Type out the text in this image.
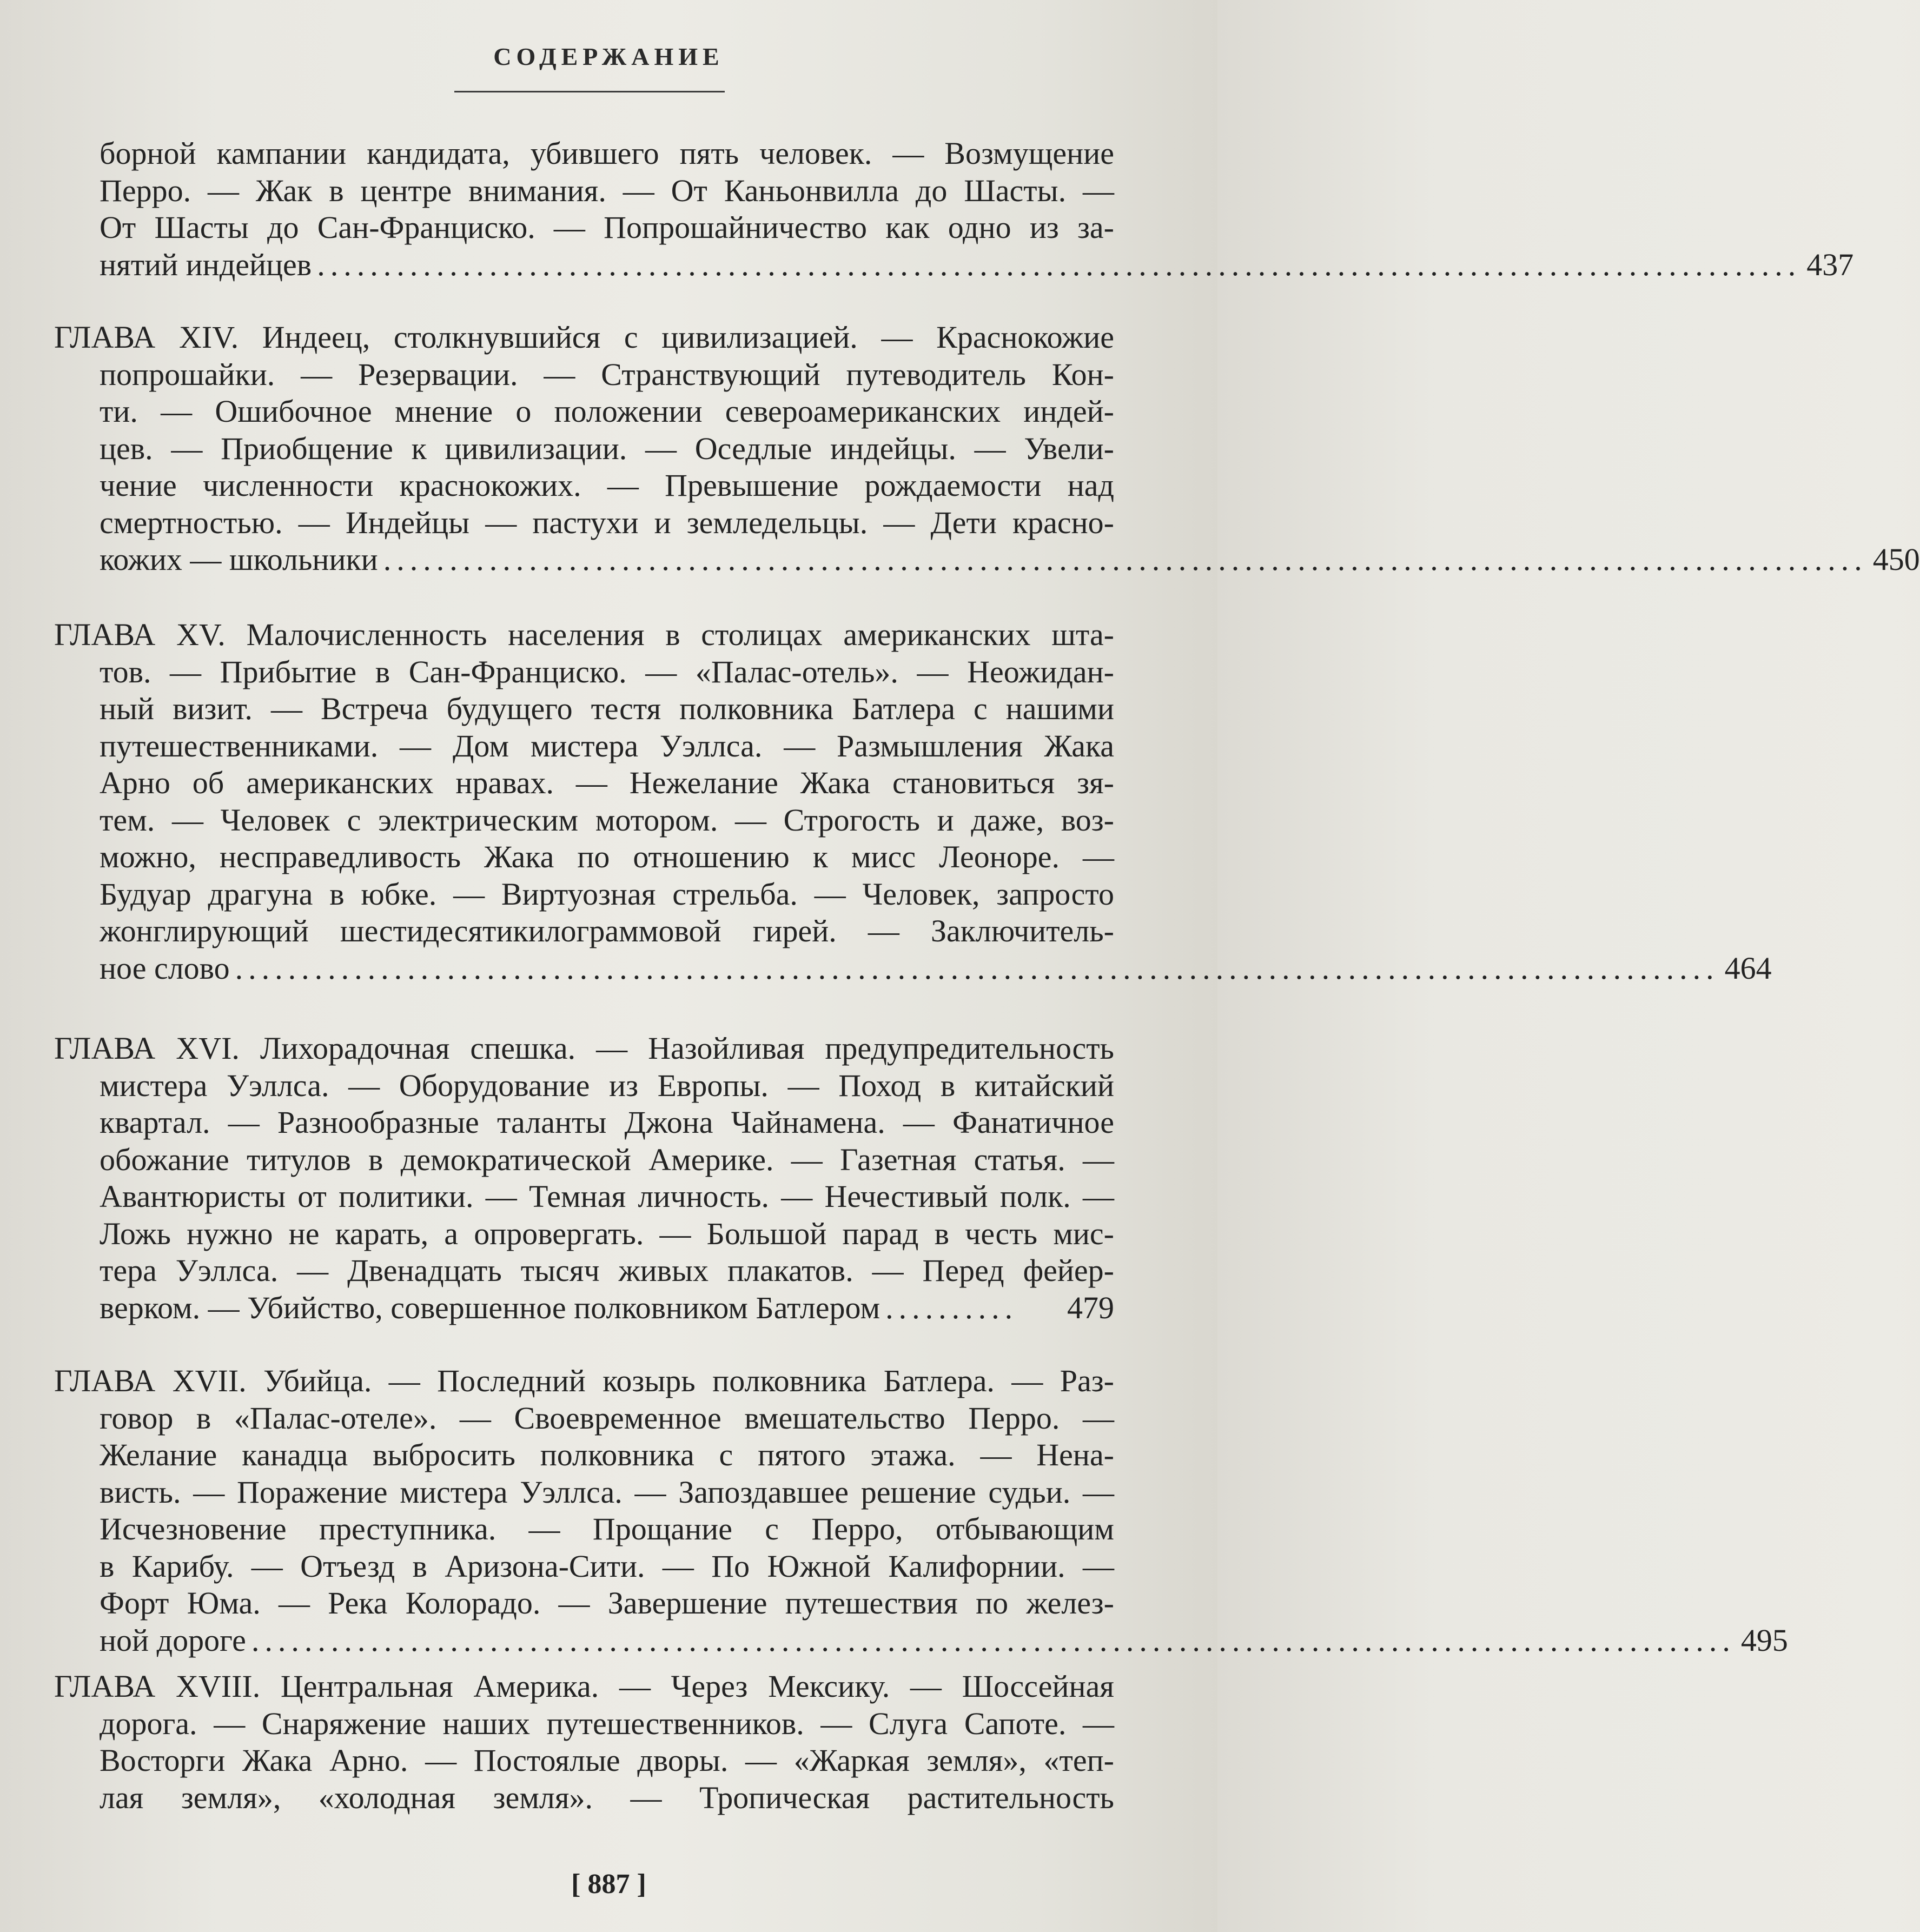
СОДЕРЖАНИЕ
борной кампании кандидата, убившего пять человек. — Возмущение
Перро. — Жак в центре внимания. — От Каньонвилла до Шасты. —
От Шасты до Сан-Франциско. — Попрошайничество как одно из за-
нятий индейцев ................................................................................................................ 437
ГЛАВА XIV. Индеец, столкнувшийся с цивилизацией. — Краснокожие
попрошайки. — Резервации. — Странствующий путеводитель Кон-
ти. — Ошибочное мнение о положении североамериканских индей-
цев. — Приобщение к цивилизации. — Оседлые индейцы. — Увели-
чение численности краснокожих. — Превышение рождаемости над
смертностью. — Индейцы — пастухи и земледельцы. — Дети красно-
кожих — школьники ................................................................................................................ 450
ГЛАВА XV. Малочисленность населения в столицах американских шта-
тов. — Прибытие в Сан-Франциско. — «Палас-отель». — Неожидан-
ный визит. — Встреча будущего тестя полковника Батлера с нашими
путешественниками. — Дом мистера Уэллса. — Размышления Жака
Арно об американских нравах. — Нежелание Жака становиться зя-
тем. — Человек с электрическим мотором. — Строгость и даже, воз-
можно, несправедливость Жака по отношению к мисс Леоноре. —
Будуар драгуна в юбке. — Виртуозная стрельба. — Человек, запросто
жонглирующий шестидесятикилограммовой гирей. — Заключитель-
ное слово ................................................................................................................ 464
ГЛАВА XVI. Лихорадочная спешка. — Назойливая предупредительность
мистера Уэллса. — Оборудование из Европы. — Поход в китайский
квартал. — Разнообразные таланты Джона Чайнамена. — Фанатичное
обожание титулов в демократической Америке. — Газетная статья. —
Авантюристы от политики. — Темная личность. — Нечестивый полк. —
Ложь нужно не карать, а опровергать. — Большой парад в честь мис-
тера Уэллса. — Двенадцать тысяч живых плакатов. — Перед фейер-
верком. — Убийство, совершенное полковником Батлером ..........	479
ГЛАВА XVII. Убийца. — Последний козырь полковника Батлера. — Раз-
говор в «Палас-отеле». — Своевременное вмешательство Перро. —
Желание канадца выбросить полковника с пятого этажа. — Нена-
висть. — Поражение мистера Уэллса. — Запоздавшее решение судьи. —
Исчезновение преступника. — Прощание с Перро, отбывающим
в Карибу. — Отъезд в Аризона-Сити. — По Южной Калифорнии. —
Форт Юма. — Река Колорадо. — Завершение путешествия по желез-
ной дороге ................................................................................................................ 495
ГЛАВА XVIII. Центральная Америка. — Через Мексику. — Шоссейная
дорога. — Снаряжение наших путешественников. — Слуга Сапоте. —
Восторги Жака Арно. — Постоялые дворы. — «Жаркая земля», «теп-
лая земля», «холодная земля». — Тропическая растительность
[ 887 ]
